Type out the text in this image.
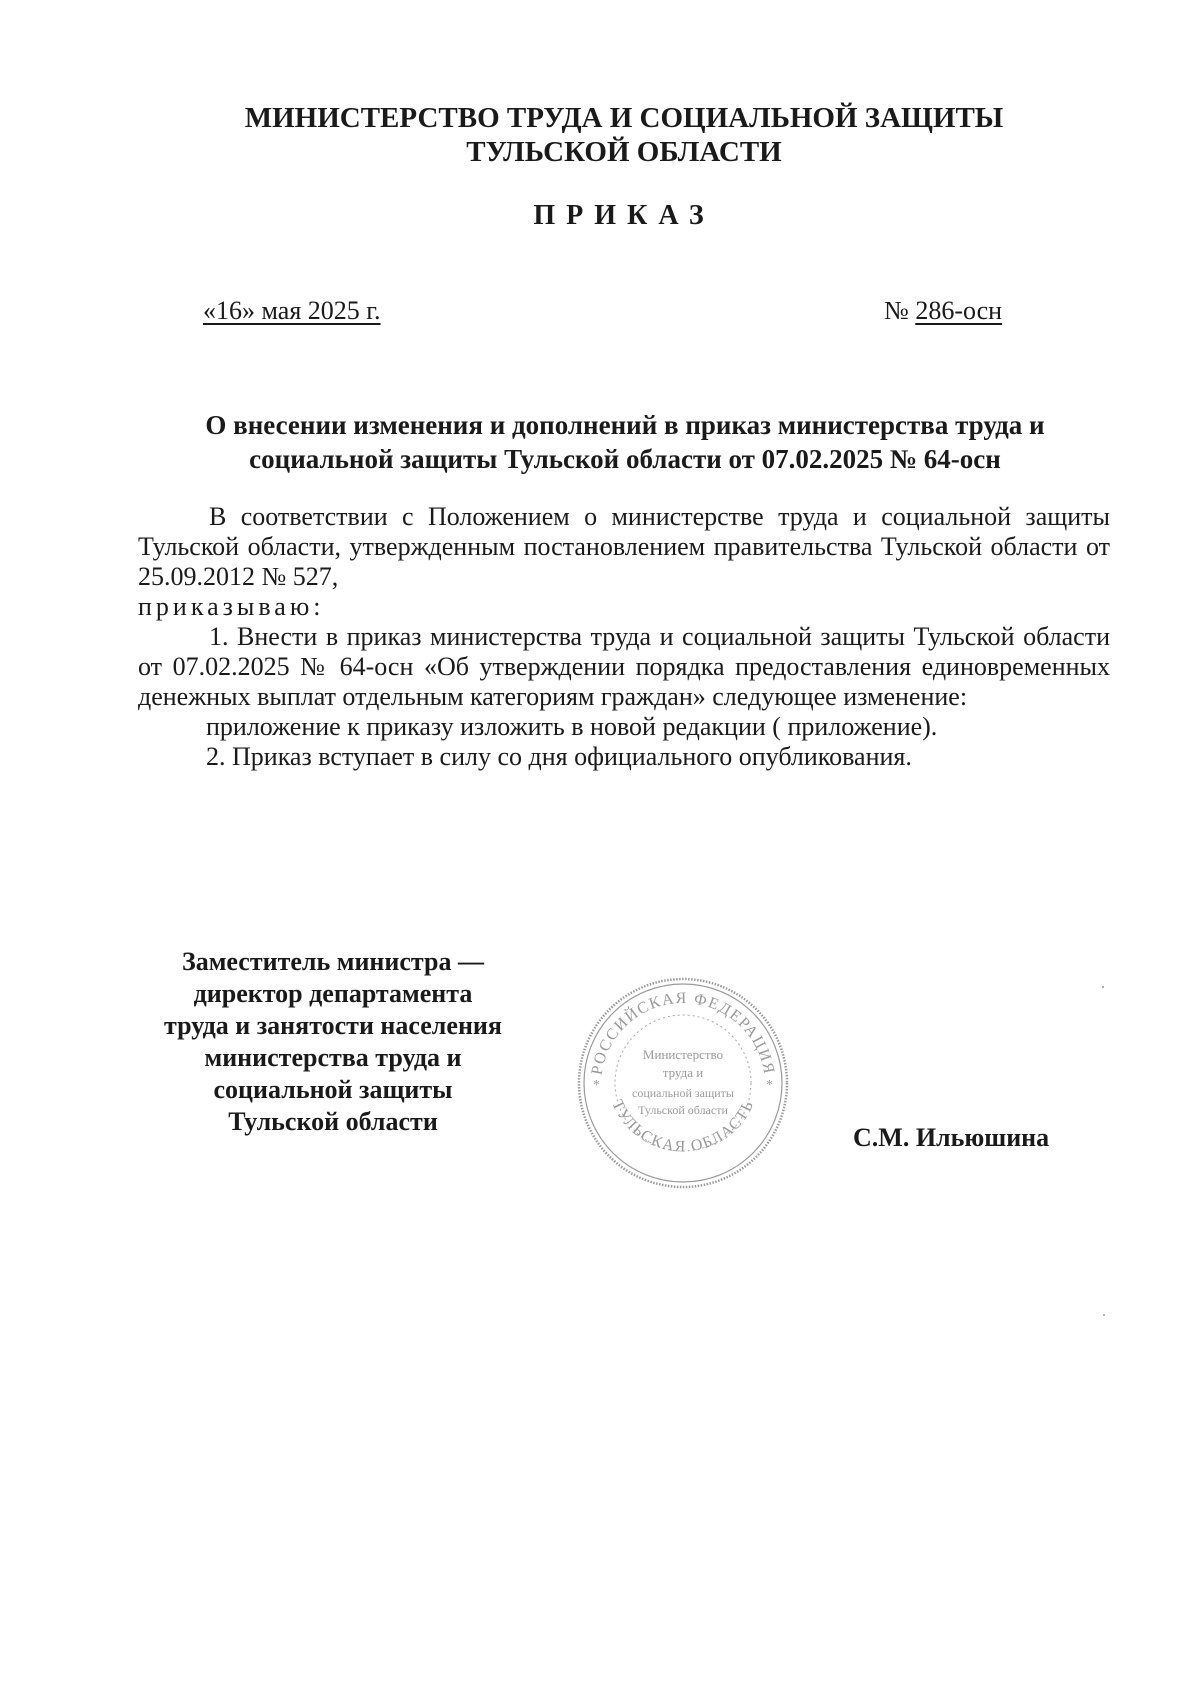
МИНИСТЕРСТВО ТРУДА И СОЦИАЛЬНОЙ ЗАЩИТЫ
ТУЛЬСКОЙ ОБЛАСТИ
ПРИКАЗ
«16» мая 2025 г.	№ 286-осн
О внесении изменения и дополнений в приказ министерства труда и
социальной защиты Тульской области от 07.02.2025 № 64-осн

В соответствии с Положением о министерстве труда и социальной защиты Тульской области, утвержденным постановлением правительства Тульской области от 25.09.2012 № 527,

приказываю:

1. Внести в приказ министерства труда и социальной защиты Тульской области от 07.02.2025 № 64-осн «Об утверждении порядка предоставления единовременных денежных выплат отдельным категориям граждан» следующее изменение:

приложение к приказу изложить в новой редакции ( приложение).

2. Приказ вступает в силу со дня официального опубликования.

Заместитель министра —
директор департамента
труда и занятости населения
министерства труда и
социальной защиты
Тульской области
РОССИЙСКАЯ ФЕДЕРАЦИЯ
ТУЛЬСКАЯ ОБЛАСТЬ
*	*
Министерство
труда и
социальной защиты
Тульской области
С.М. Ильюшина
